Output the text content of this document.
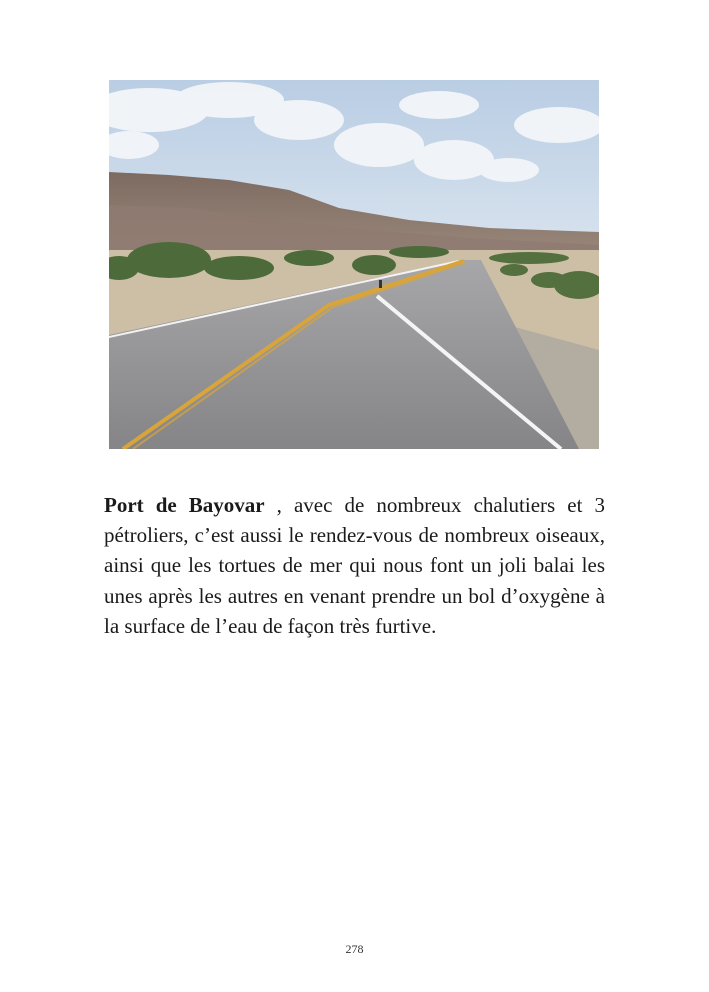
Port de Bayovar , avec de nombreux chalutiers et 3 pétroliers, c’est aussi le rendez-vous de nombreux oiseaux, ainsi que les tortues de mer qui nous font un joli balai les unes après les autres en venant prendre un bol d’oxygène à la surface de l’eau de façon très furtive.

278
